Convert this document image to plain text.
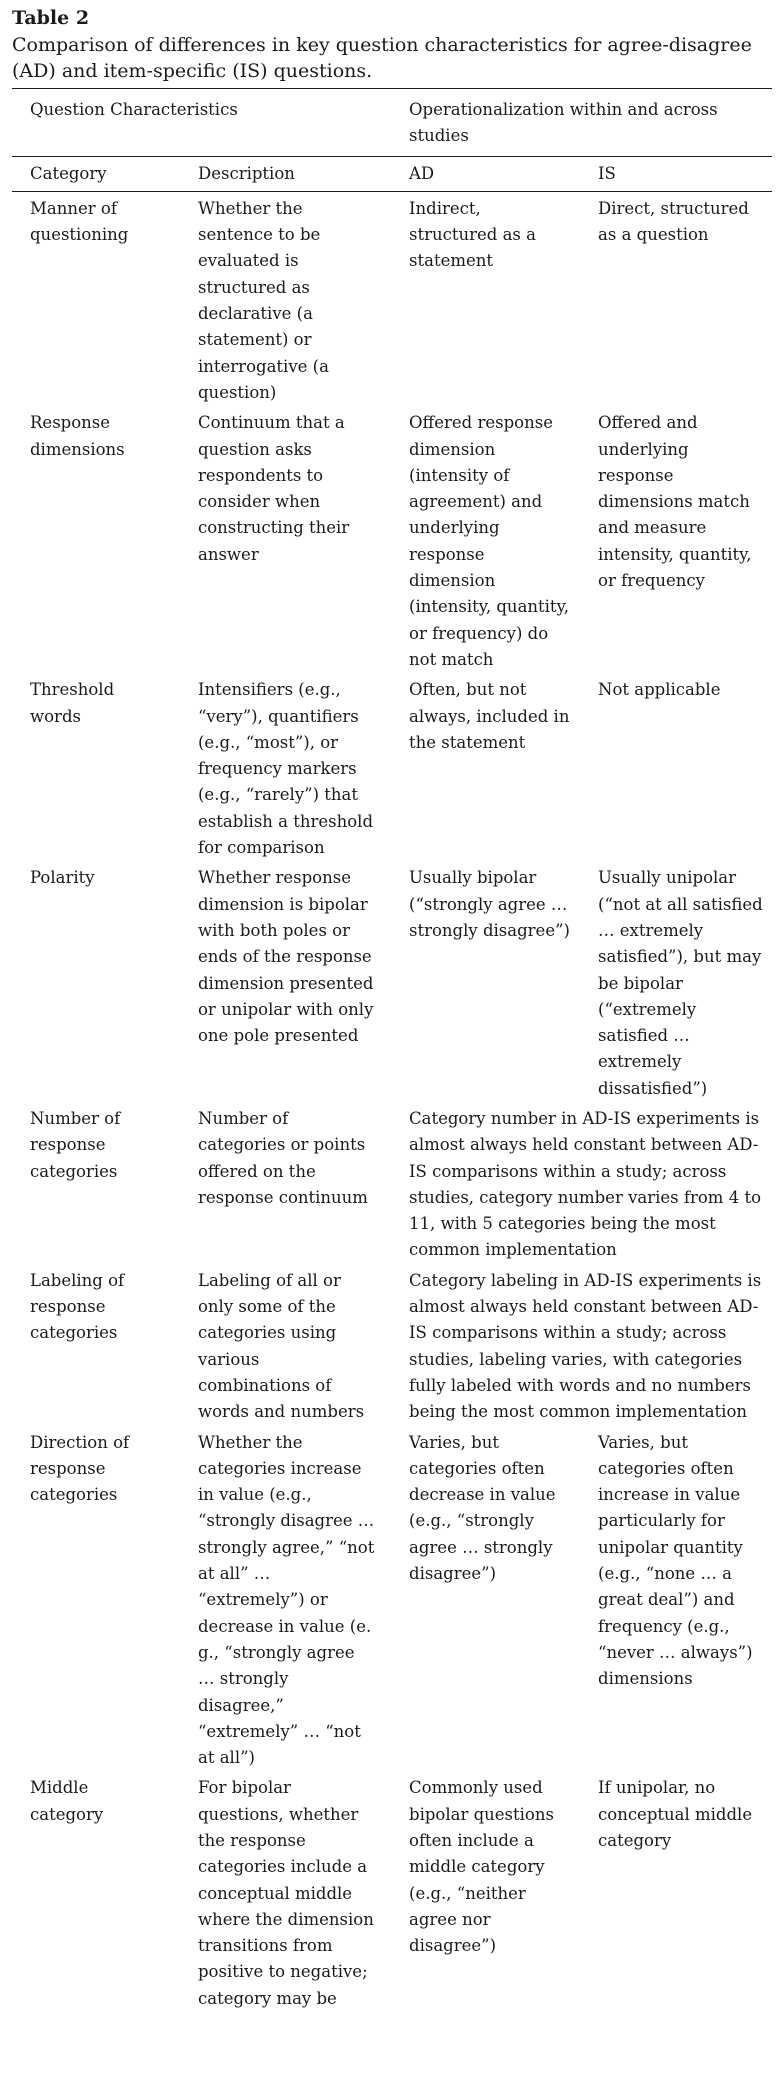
Table 2
Comparison of differences in key question characteristics for agree-disagree (AD) and item-specific (IS) questions.
Question Characteristics		Operationalization within and across studies	
Category	Description	AD	IS
Manner of questioning	Whether the sentence to be evaluated is structured as declarative (a statement) or interrogative (a question)	Indirect, structured as a statement	Direct, structured as a question
Response dimensions	Continuum that a question asks respondents to consider when constructing their answer	Offered response dimension (intensity of agreement) and underlying response dimension (intensity, quantity, or frequency) do not match	Offered and underlying response dimensions match and measure intensity, quantity, or frequency
Threshold words	Intensifiers (e.g., “very”), quantifiers (e.g., “most”), or frequency markers (e.g., “rarely”) that establish a threshold for comparison	Often, but not always, included in the statement	Not applicable
Polarity	Whether response dimension is bipolar with both poles or ends of the response dimension presented or unipolar with only one pole presented	Usually bipolar (“strongly agree … strongly disagree”)	Usually unipolar (“not at all satisfied … extremely satisfied”), but may be bipolar (“extremely satisfied … extremely dissatisfied”)
Number of response categories	Number of categories or points offered on the response continuum	Category number in AD-IS experiments is almost always held constant between AD-IS comparisons within a study; across studies, category number varies from 4 to 11, with 5 categories being the most common implementation	
Labeling of response categories	Labeling of all or only some of the categories using various combinations of words and numbers	Category labeling in AD-IS experiments is almost always held constant between AD-IS comparisons within a study; across studies, labeling varies, with categories fully labeled with words and no numbers being the most common implementation	
Direction of response categories	Whether the categories increase in value (e.g., “strongly disagree … strongly agree,” “not at all” … “extremely”) or decrease in value (e. g., “strongly agree … strongly disagree,” “extremely” … “not at all”)	Varies, but categories often decrease in value (e.g., “strongly agree … strongly disagree”)	Varies, but categories often increase in value particularly for unipolar quantity (e.g., “none … a great deal”) and frequency (e.g., “never … always”) dimensions
Middle category	For bipolar questions, whether the response categories include a conceptual middle where the dimension transitions from positive to negative; category may be	Commonly used bipolar questions often include a middle category (e.g., “neither agree nor disagree”)	If unipolar, no conceptual middle category
